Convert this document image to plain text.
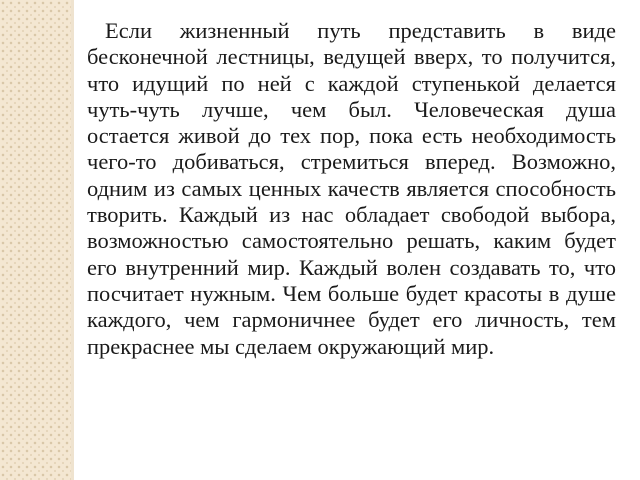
Если жизненный путь представить в виде бесконечной лестницы, ведущей вверх, то получится, что идущий по ней с каждой ступенькой делается чуть-чуть лучше, чем был. Человеческая душа остается живой до тех пор, пока есть необходимость чего-то добиваться, стремиться вперед. Возможно, одним из самых ценных качеств является способность творить. Каждый из нас обладает свободой выбора, возможностью самостоятельно решать, каким будет его внутренний мир. Каждый волен создавать то, что посчитает нужным. Чем больше будет красоты в душе каждого, чем гармоничнее будет его личность, тем прекраснее мы сделаем окружающий мир.
